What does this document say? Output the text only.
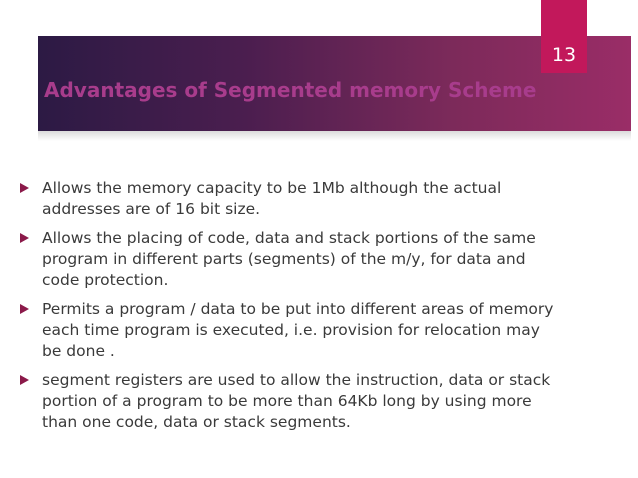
13
Advantages of Segmented memory Scheme
Allows the memory capacity to be 1Mb although the actual
addresses are of 16 bit size.
Allows the placing of code, data and stack portions of the same
program in different parts (segments) of the m/y, for data and
code protection.
Permits a program / data to be put into different areas of memory
each time program is executed, i.e. provision for relocation may
be done .
segment registers are used to allow the instruction, data or stack
portion of a program to be more than 64Kb long by using more
than one code, data or stack segments.
